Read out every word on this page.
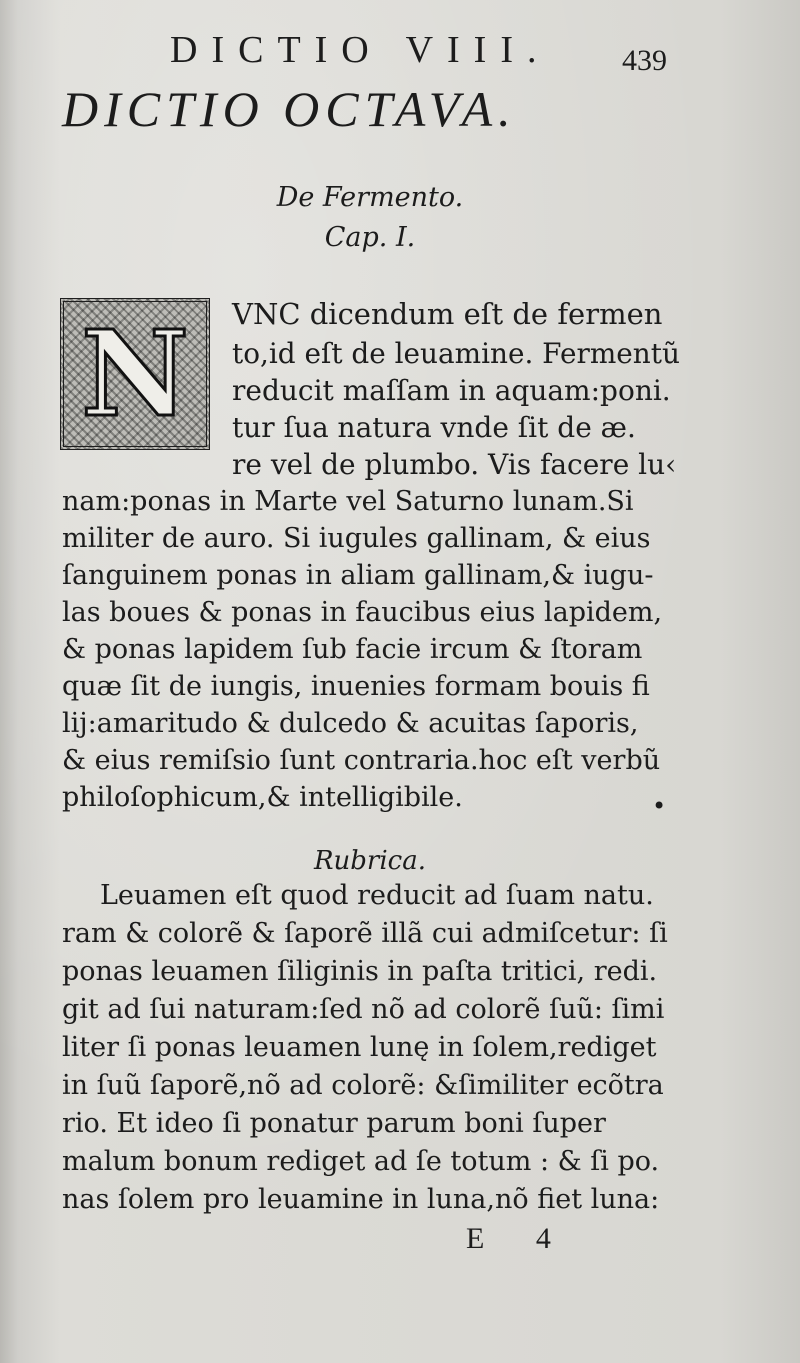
DICTIO VIII. 439
DICTIO OCTAVA.
De Fermento.
Cap. I.
N VNC dicendum eſt de fermen
to,id eſt de leuamine. Fermentũ
reducit maſſam in aquam:poni.
tur ſua natura vnde ſit de æ.
re vel de plumbo. Vis facere lu‹
nam:ponas in Marte vel Saturno lunam.Si
militer de auro. Si iugules gallinam, & eius
ſanguinem ponas in aliam gallinam,& iugu-
las boues & ponas in faucibus eius lapidem,
& ponas lapidem ſub facie ircum & ſtoram
quæ ſit de iungis, inuenies formam bouis fi
lij:amaritudo & dulcedo & acuitas ſaporis,
& eius remiſsio ſunt contraria.hoc eſt verbũ
philoſophicum,& intelligibile.	•
Rubrica.
Leuamen eſt quod reducit ad ſuam natu.
ram & colorẽ & ſaporẽ illã cui admiſcetur: ſi
ponas leuamen ſiliginis in paſta tritici, redi.
git ad ſui naturam:ſed nõ ad colorẽ ſuũ: ſimi
liter ſi ponas leuamen lunę in ſolem,rediget
in ſuũ ſaporẽ,nõ ad colorẽ: &ſimiliter ecõtra
rio. Et ideo ſi ponatur parum boni ſuper
malum bonum rediget ad ſe totum : & ſi po.
nas ſolem pro leuamine in luna,nõ fiet luna:
E 4
